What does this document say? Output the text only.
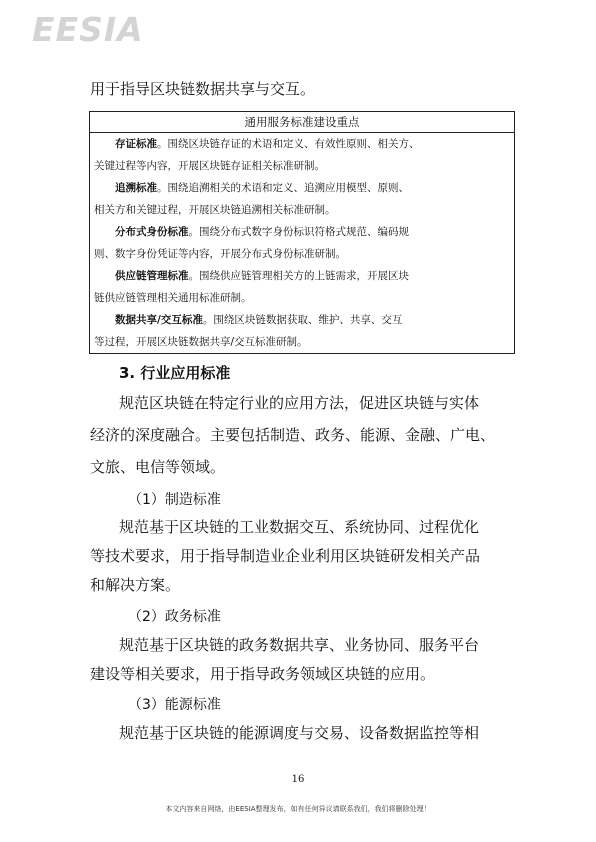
EESIA
用于指导区块链数据共享与交互。
通用服务标准建设重点
存证标准。围绕区块链存证的术语和定义、有效性原则、相关方、
关键过程等内容，开展区块链存证相关标准研制。
追溯标准。围绕追溯相关的术语和定义、追溯应用模型、原则、
相关方和关键过程，开展区块链追溯相关标准研制。
分布式身份标准。围绕分布式数字身份标识符格式规范、编码规
则、数字身份凭证等内容，开展分布式身份标准研制。
供应链管理标准。围绕供应链管理相关方的上链需求，开展区块
链供应链管理相关通用标准研制。
数据共享/交互标准。围绕区块链数据获取、维护、共享、交互
等过程，开展区块链数据共享/交互标准研制。
3. 行业应用标准
规范区块链在特定行业的应用方法，促进区块链与实体
经济的深度融合。主要包括制造、政务、能源、金融、广电、
文旅、电信等领域。
（1）制造标准
规范基于区块链的工业数据交互、系统协同、过程优化
等技术要求，用于指导制造业企业利用区块链研发相关产品
和解决方案。
（2）政务标准
规范基于区块链的政务数据共享、业务协同、服务平台
建设等相关要求，用于指导政务领域区块链的应用。
（3）能源标准
规范基于区块链的能源调度与交易、设备数据监控等相
16
本文内容来自网络，由EESIA整理发布，如有任何异议请联系我们，我们将删除处理！
